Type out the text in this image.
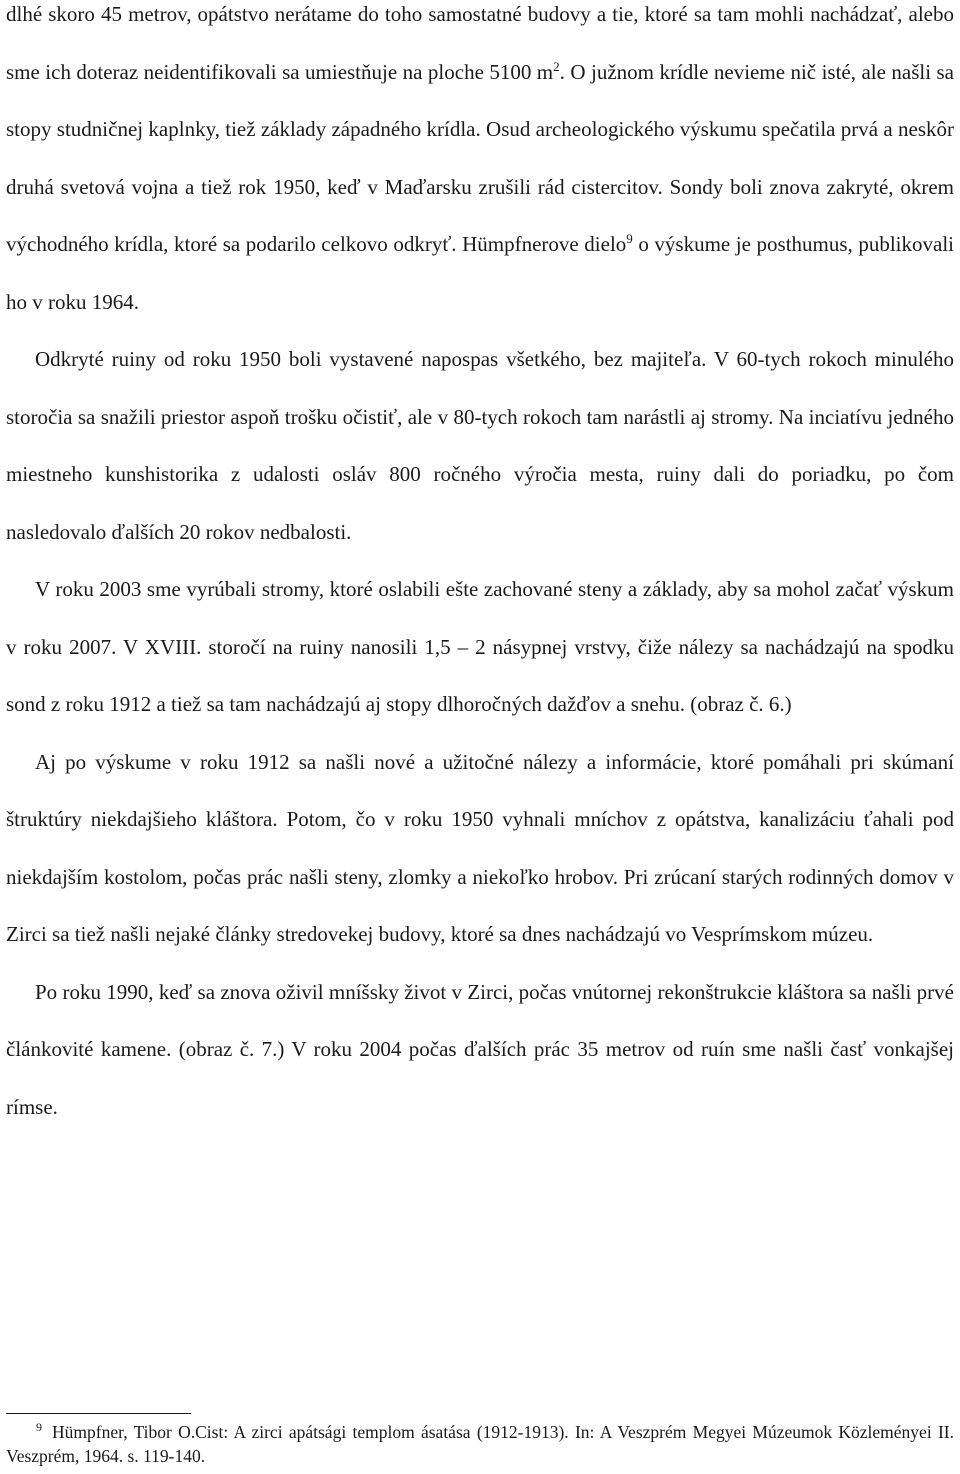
dlhé skoro 45 metrov, opátstvo nerátame do toho samostatné budovy a tie, ktoré sa tam mohli nachádzať, alebo sme ich doteraz neidentifikovali sa umiestňuje na ploche 5100 $m^2$. O južnom krídle nevieme nič isté, ale našli sa stopy studničnej kaplnky, tiež základy západného krídla. Osud archeologického výskumu spečatila prvá a neskôr druhá svetová vojna a tiež rok 1950, keď v Maďarsku zrušili rád cistercitov. Sondy boli znova zakryté, okrem východného krídla, ktoré sa podarilo celkovo odkryť. Hümpfnerove dielo$^9$ o výskume je posthumus, publikovali ho v roku 1964.

Odkryté ruiny od roku 1950 boli vystavené napospas všetkého, bez majiteľa. V 60-tych rokoch minulého storočia sa snažili priestor aspoň trošku očistiť, ale v 80-tych rokoch tam narástli aj stromy. Na inciatívu jedného miestneho kunshistorika z udalosti osláv 800 ročného výročia mesta, ruiny dali do poriadku, po čom nasledovalo ďalších 20 rokov nedbalosti.

V roku 2003 sme vyrúbali stromy, ktoré oslabili ešte zachované steny a základy, aby sa mohol začať výskum v roku 2007. V XVIII. storočí na ruiny nanosili 1,5 – 2 násypnej vrstvy, čiže nálezy sa nachádzajú na spodku sond z roku 1912 a tiež sa tam nachádzajú aj stopy dlhoročných dažďov a snehu. (obraz č. 6.)

Aj po výskume v roku 1912 sa našli nové a užitočné nálezy a informácie, ktoré pomáhali pri skúmaní štruktúry niekdajšieho kláštora. Potom, čo v roku 1950 vyhnali mníchov z opátstva, kanalizáciu ťahali pod niekdajším kostolom, počas prác našli steny, zlomky a niekoľko hrobov. Pri zrúcaní starých rodinných domov v Zirci sa tiež našli nejaké články stredovekej budovy, ktoré sa dnes nachádzajú vo Vesprímskom múzeu.

Po roku 1990, keď sa znova oživil mníšsky život v Zirci, počas vnútornej rekonštrukcie kláštora sa našli prvé článkovité kamene. (obraz č. 7.) V roku 2004 počas ďalších prác 35 metrov od ruín sme našli časť vonkajšej rímse.

$^9$ Hümpfner, Tibor O.Cist: A zirci apátsági templom ásatása (1912-1913). In: A Veszprém Megyei Múzeumok Közleményei II. Veszprém, 1964. s. 119-140.
